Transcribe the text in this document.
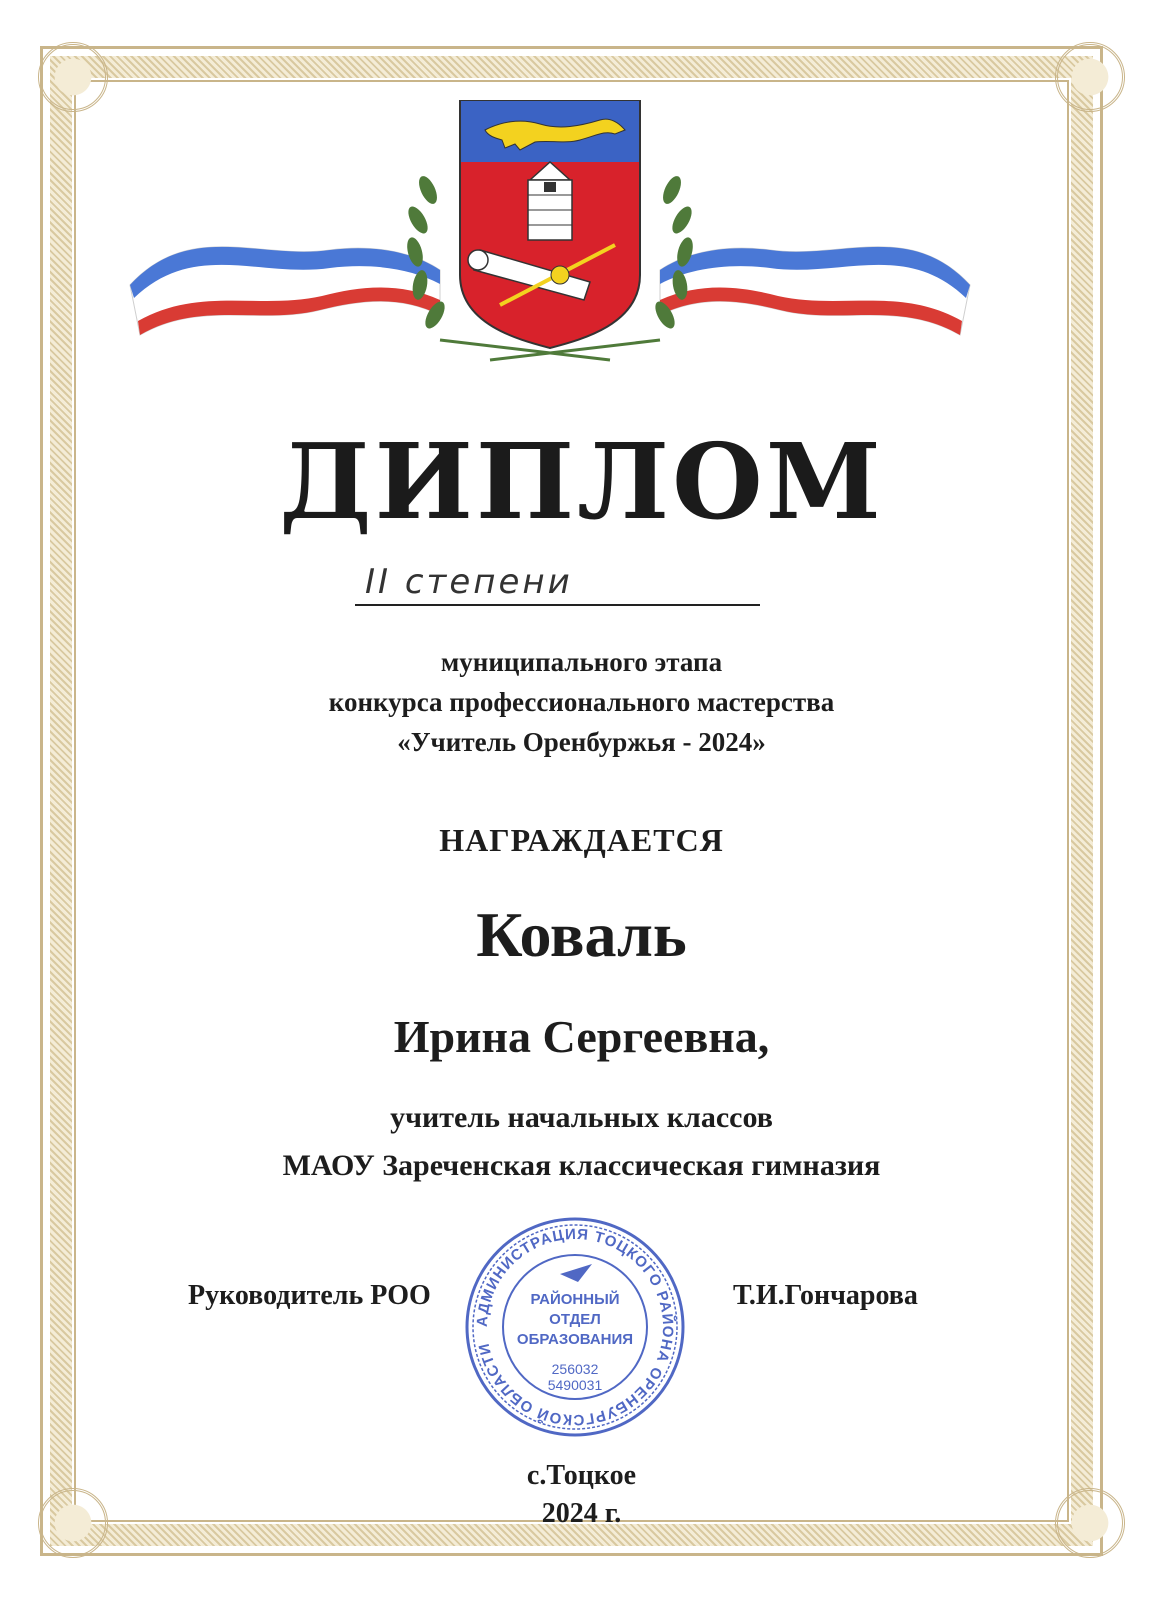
ДИПЛОМ
II степени
муниципального этапа
конкурса профессионального мастерства
«Учитель Оренбуржья - 2024»
НАГРАЖДАЕТСЯ
Коваль
Ирина Сергеевна,
учитель начальных классов
МАОУ Зареченская классическая гимназия
Руководитель РОО	Т.И.Гончарова
АДМИНИСТРАЦИЯ ТОЦКОГО РАЙОНА ОРЕНБУРГСКОЙ ОБЛАСТИ
РАЙОННЫЙ
ОТДЕЛ
ОБРАЗОВАНИЯ
256032
5490031
с.Тоцкое
2024 г.
